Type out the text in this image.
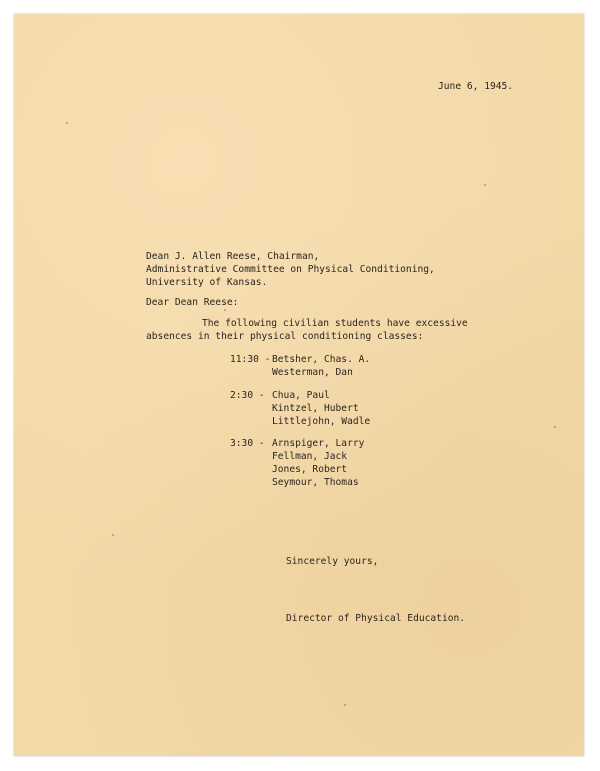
June 6, 1945.

Dean J. Allen Reese, Chairman,

Administrative Committee on Physical Conditioning,

University of Kansas.

Dear Dean Reese:

The following civilian students have excessive

absences in their physical conditioning classes:

11:30 - Betsher, Chas. A.

Westerman, Dan

2:30 - Chua, Paul

Kintzel, Hubert

Littlejohn, Wadle

3:30 - Arnspiger, Larry

Fellman, Jack

Jones, Robert

Seymour, Thomas

Sincerely yours,

Director of Physical Education.
